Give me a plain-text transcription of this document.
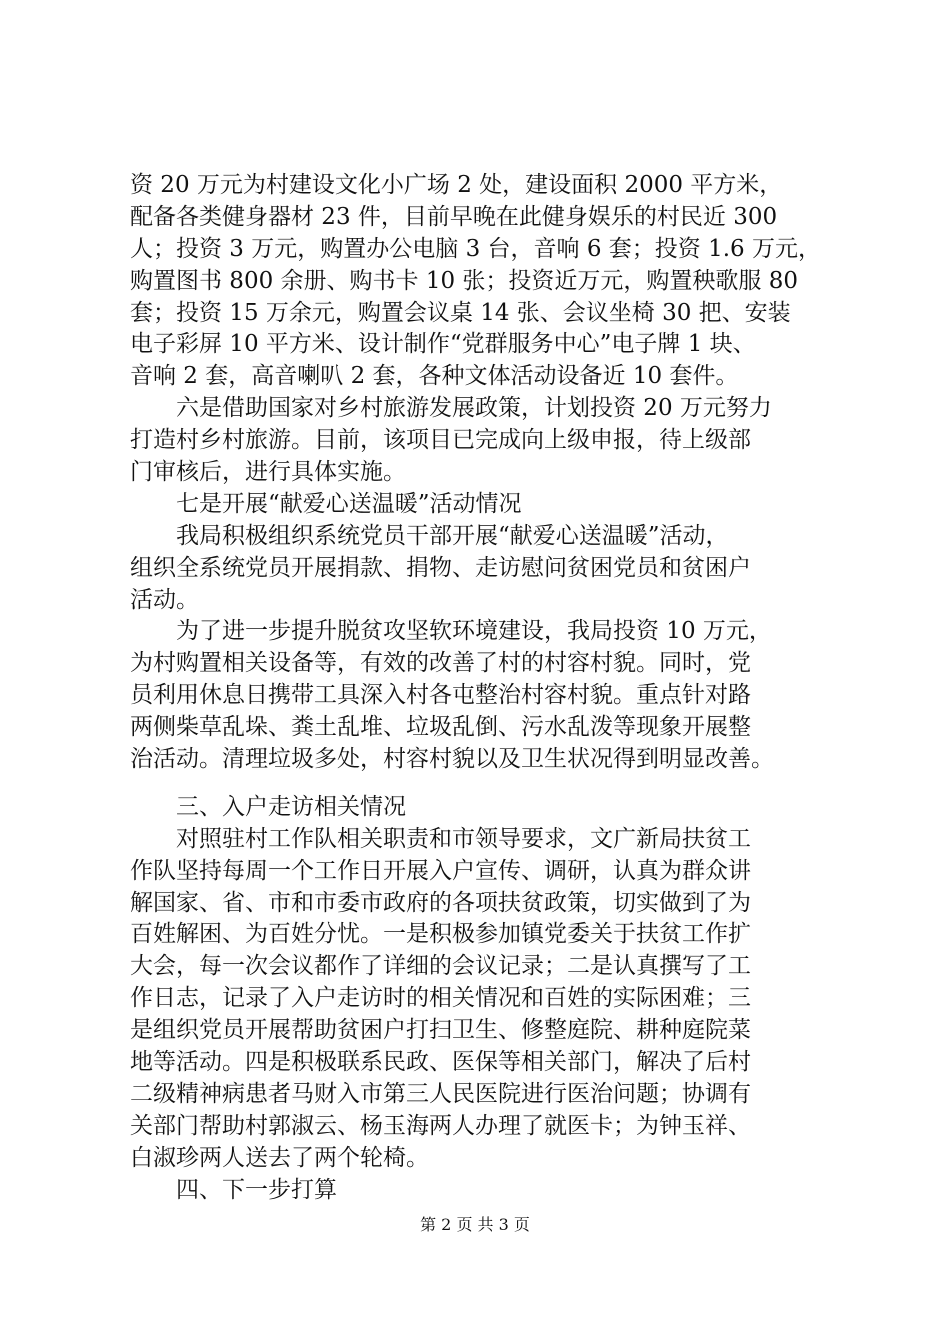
资 20 万元为村建设文化小广场 2 处，建设面积 2000 平方米，
配备各类健身器材 23 件，目前早晚在此健身娱乐的村民近 300
人；投资 3 万元，购置办公电脑 3 台，音响 6 套；投资 1.6 万元，
购置图书 800 余册、购书卡 10 张；投资近万元，购置秧歌服 80
套；投资 15 万余元，购置会议桌 14 张、会议坐椅 30 把、安装
电子彩屏 10 平方米、设计制作“党群服务中心”电子牌 1 块、
音响 2 套，高音喇叭 2 套，各种文体活动设备近 10 套件。
　　六是借助国家对乡村旅游发展政策，计划投资 20 万元努力
打造村乡村旅游。目前，该项目已完成向上级申报，待上级部
门审核后，进行具体实施。
　　七是开展“献爱心送温暖”活动情况
　　我局积极组织系统党员干部开展“献爱心送温暖”活动，
组织全系统党员开展捐款、捐物、走访慰问贫困党员和贫困户
活动。
　　为了进一步提升脱贫攻坚软环境建设，我局投资 10 万元，
为村购置相关设备等，有效的改善了村的村容村貌。同时，党
员利用休息日携带工具深入村各屯整治村容村貌。重点针对路
两侧柴草乱垛、粪土乱堆、垃圾乱倒、污水乱泼等现象开展整
治活动。清理垃圾多处，村容村貌以及卫生状况得到明显改善。
　　三、入户走访相关情况
　　对照驻村工作队相关职责和市领导要求，文广新局扶贫工
作队坚持每周一个工作日开展入户宣传、调研，认真为群众讲
解国家、省、市和市委市政府的各项扶贫政策，切实做到了为
百姓解困、为百姓分忧。一是积极参加镇党委关于扶贫工作扩
大会，每一次会议都作了详细的会议记录；二是认真撰写了工
作日志，记录了入户走访时的相关情况和百姓的实际困难；三
是组织党员开展帮助贫困户打扫卫生、修整庭院、耕种庭院菜
地等活动。四是积极联系民政、医保等相关部门，解决了后村
二级精神病患者马财入市第三人民医院进行医治问题；协调有
关部门帮助村郭淑云、杨玉海两人办理了就医卡；为钟玉祥、
白淑珍两人送去了两个轮椅。
　　四、下一步打算
第 2 页 共 3 页
